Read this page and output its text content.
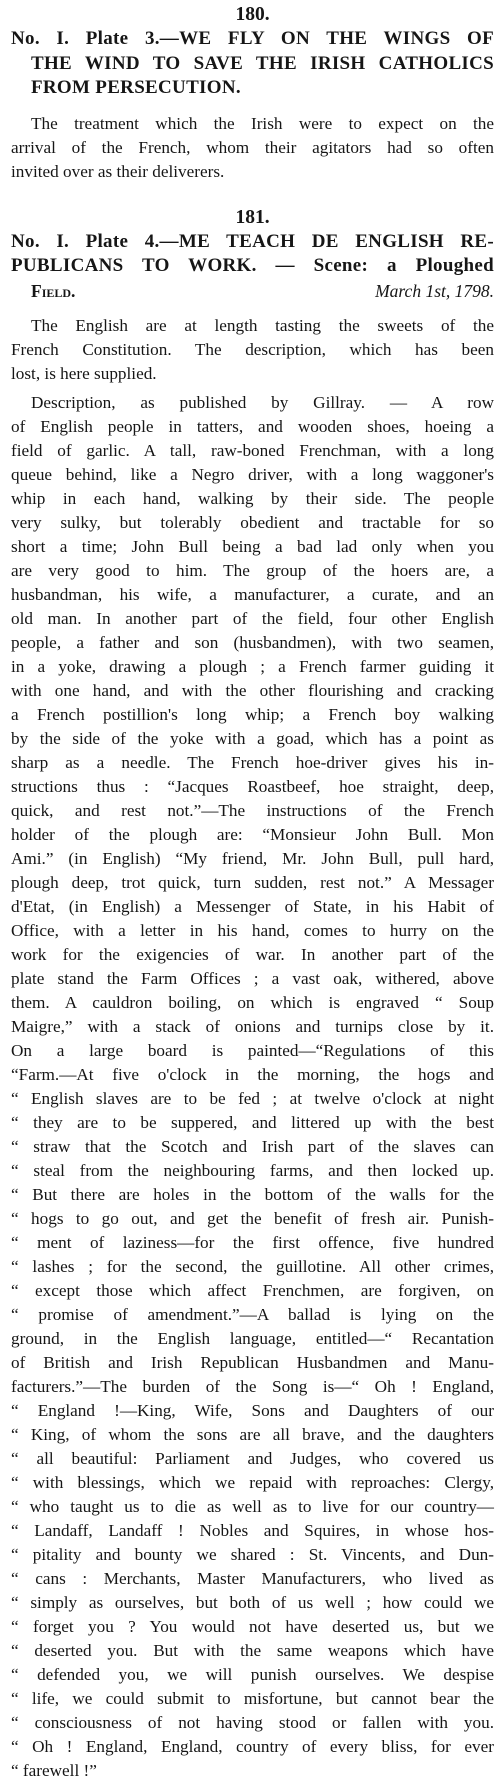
180.

No. I. Plate 3.—WE FLY ON THE WINGS OF
THE WIND TO SAVE THE IRISH CATHOLICS
FROM PERSECUTION.
The treatment which the Irish were to expect on the
arrival of the French, whom their agitators had so often
invited over as their deliverers.

181.

No. I. Plate 4.—ME TEACH DE ENGLISH RE-
PUBLICANS TO WORK. — Scene: a Ploughed
Field.	March 1st, 1798.
The English are at length tasting the sweets of the
French Constitution. The description, which has been
lost, is here supplied.
Description, as published by Gillray. — A row
of English people in tatters, and wooden shoes, hoeing a
field of garlic. A tall, raw-boned Frenchman, with a long
queue behind, like a Negro driver, with a long waggoner's
whip in each hand, walking by their side. The people
very sulky, but tolerably obedient and tractable for so
short a time; John Bull being a bad lad only when you
are very good to him. The group of the hoers are, a
husbandman, his wife, a manufacturer, a curate, and an
old man. In another part of the field, four other English
people, a father and son (husbandmen), with two seamen,
in a yoke, drawing a plough ; a French farmer guiding it
with one hand, and with the other flourishing and cracking
a French postillion's long whip; a French boy walking
by the side of the yoke with a goad, which has a point as
sharp as a needle. The French hoe-driver gives his in-
structions thus : “Jacques Roastbeef, hoe straight, deep,
quick, and rest not.”—The instructions of the French
holder of the plough are: “Monsieur John Bull. Mon
Ami.” (in English) “My friend, Mr. John Bull, pull hard,
plough deep, trot quick, turn sudden, rest not.” A Messager
d'Etat, (in English) a Messenger of State, in his Habit of
Office, with a letter in his hand, comes to hurry on the
work for the exigencies of war. In another part of the
plate stand the Farm Offices ; a vast oak, withered, above
them. A cauldron boiling, on which is engraved “ Soup
Maigre,” with a stack of onions and turnips close by it.
On a large board is painted—“Regulations of this
“Farm.—At five o'clock in the morning, the hogs and
“ English slaves are to be fed ; at twelve o'clock at night
“ they are to be suppered, and littered up with the best
“ straw that the Scotch and Irish part of the slaves can
“ steal from the neighbouring farms, and then locked up.
“ But there are holes in the bottom of the walls for the
“ hogs to go out, and get the benefit of fresh air. Punish-
“ ment of laziness—for the first offence, five hundred
“ lashes ; for the second, the guillotine. All other crimes,
“ except those which affect Frenchmen, are forgiven, on
“ promise of amendment.”—A ballad is lying on the
ground, in the English language, entitled—“ Recantation
of British and Irish Republican Husbandmen and Manu-
facturers.”—The burden of the Song is—“ Oh ! England,
“ England !—King, Wife, Sons and Daughters of our
“ King, of whom the sons are all brave, and the daughters
“ all beautiful: Parliament and Judges, who covered us
“ with blessings, which we repaid with reproaches: Clergy,
“ who taught us to die as well as to live for our country—
“ Landaff, Landaff ! Nobles and Squires, in whose hos-
“ pitality and bounty we shared : St. Vincents, and Dun-
“ cans : Merchants, Master Manufacturers, who lived as
“ simply as ourselves, but both of us well ; how could we
“ forget you ? You would not have deserted us, but we
“ deserted you. But with the same weapons which have
“ defended you, we will punish ourselves. We despise
“ life, we could submit to misfortune, but cannot bear the
“ consciousness of not having stood or fallen with you.
“ Oh ! England, England, country of every bliss, for ever
“ farewell !”
